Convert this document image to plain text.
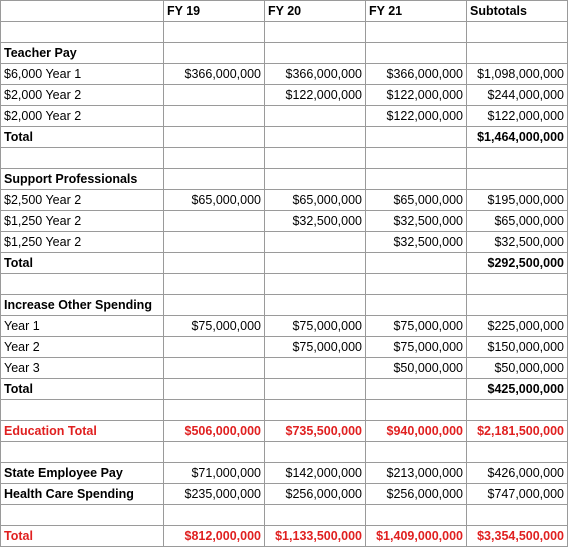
	FY 19	FY 20	FY 21	Subtotals

Teacher Pay				
$6,000 Year 1	$366,000,000	$366,000,000	$366,000,000	$1,098,000,000
$2,000 Year 2		$122,000,000	$122,000,000	$244,000,000
$2,000 Year 2			$122,000,000	$122,000,000
Total				$1,464,000,000

Support Professionals				
$2,500 Year 2	$65,000,000	$65,000,000	$65,000,000	$195,000,000
$1,250 Year 2		$32,500,000	$32,500,000	$65,000,000
$1,250 Year 2			$32,500,000	$32,500,000
Total				$292,500,000

Increase Other Spending				
Year 1	$75,000,000	$75,000,000	$75,000,000	$225,000,000
Year 2		$75,000,000	$75,000,000	$150,000,000
Year 3			$50,000,000	$50,000,000
Total				$425,000,000

Education Total	$506,000,000	$735,500,000	$940,000,000	$2,181,500,000

State Employee Pay	$71,000,000	$142,000,000	$213,000,000	$426,000,000
Health Care Spending	$235,000,000	$256,000,000	$256,000,000	$747,000,000

Total	$812,000,000	$1,133,500,000	$1,409,000,000	$3,354,500,000
